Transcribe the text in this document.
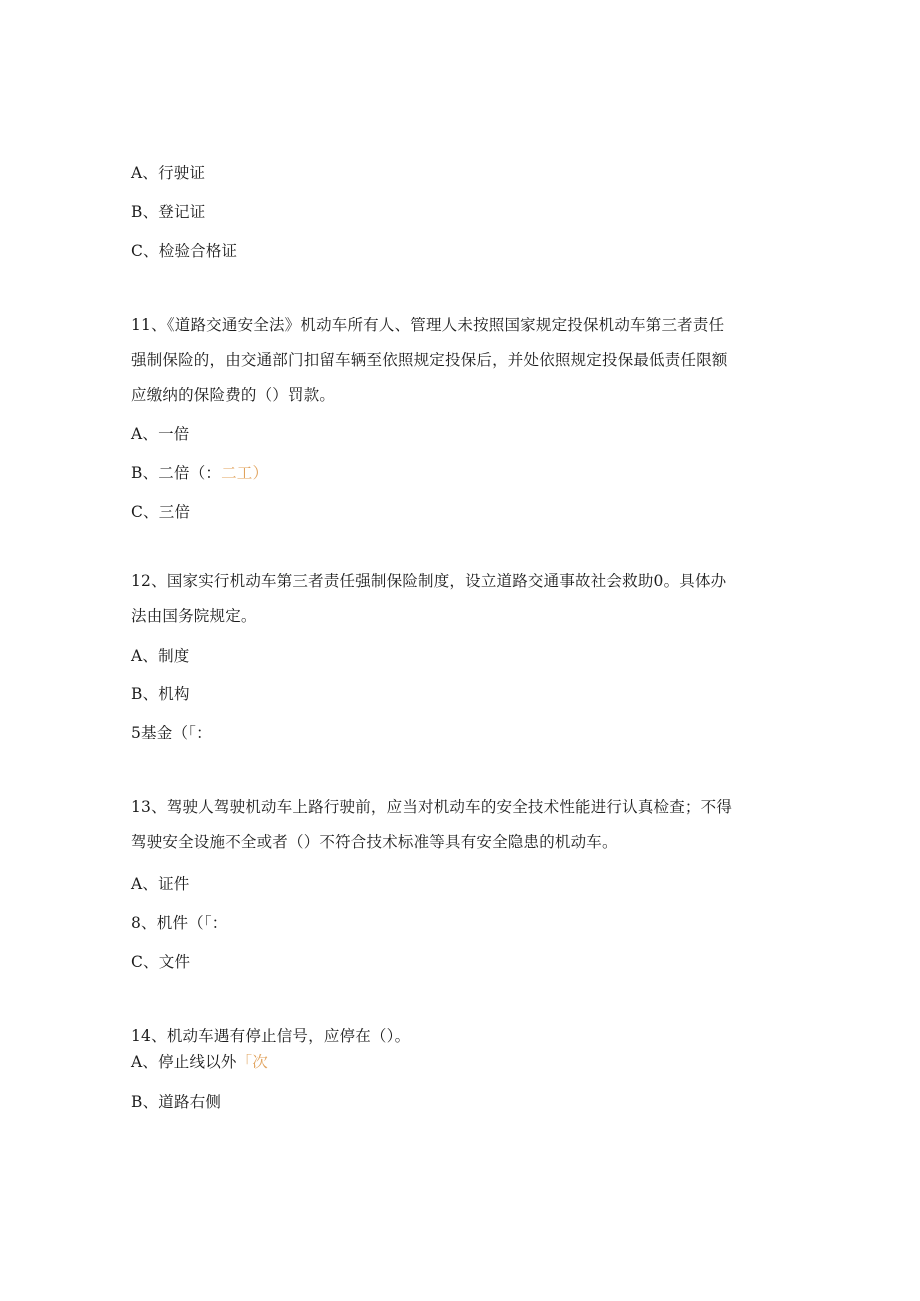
A、行驶证
B、登记证
C、检验合格证
11、《道路交通安全法》机动车所有人、管理人未按照国家规定投保机动车第三者责任
强制保险的，由交通部门扣留车辆至依照规定投保后，并处依照规定投保最低责任限额
应缴纳的保险费的（）罚款。
A、一倍
B、二倍（：二工）
C、三倍
12、国家实行机动车第三者责任强制保险制度，设立道路交通事故社会救助0。具体办
法由国务院规定。
A、制度
B、机构
5基金（「：
13、驾驶人驾驶机动车上路行驶前，应当对机动车的安全技术性能进行认真检查；不得
驾驶安全设施不全或者（）不符合技术标准等具有安全隐患的机动车。
A、证件
8、机件（「：
C、文件
14、机动车遇有停止信号，应停在（）。
A、停止线以外「次
B、道路右侧
